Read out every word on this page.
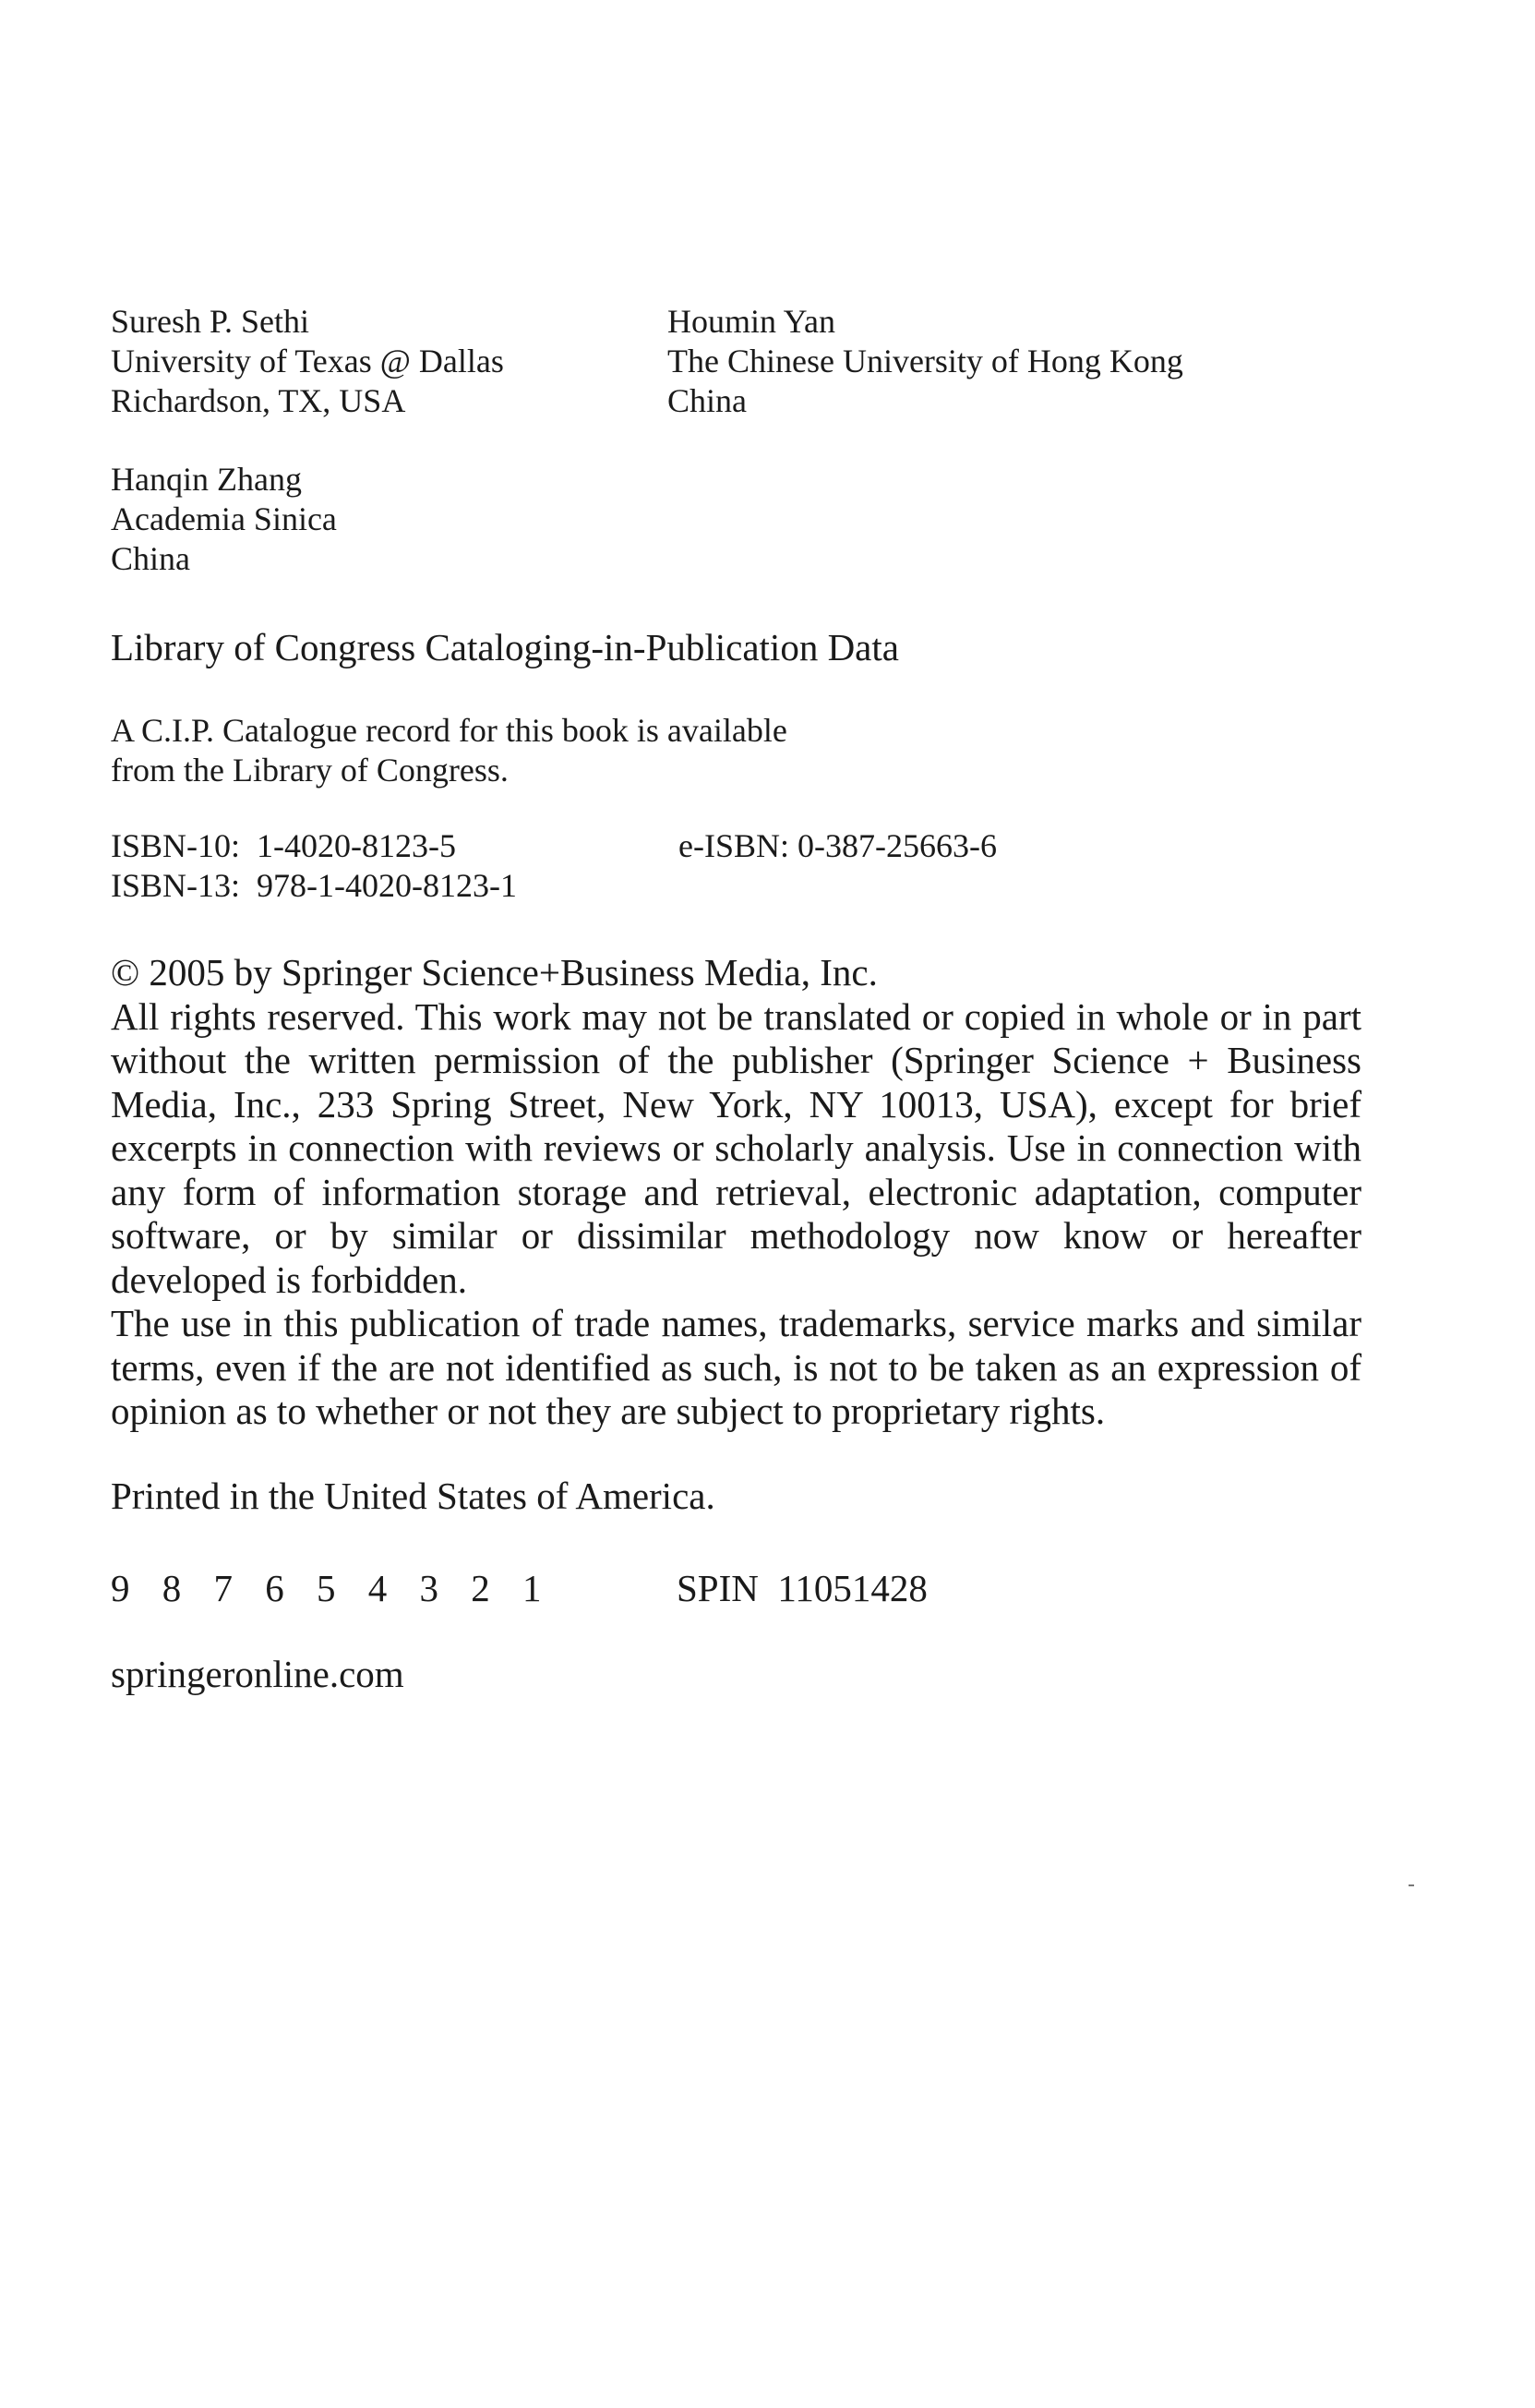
Suresh P. Sethi
University of Texas @ Dallas
Richardson, TX, USA
Houmin Yan
The Chinese University of Hong Kong
China
Hanqin Zhang
Academia Sinica
China
Library of Congress Cataloging-in-Publication Data
A C.I.P. Catalogue record for this book is available
from the Library of Congress.
ISBN-10:  1-4020-8123-5
ISBN-13:  978-1-4020-8123-1
e-ISBN: 0-387-25663-6

© 2005 by Springer Science+Business Media, Inc.

All rights reserved. This work may not be translated or copied in whole or in part without the written permission of the publisher (Springer Science + Business Media, Inc., 233 Spring Street, New York, NY 10013, USA), except for brief excerpts in connection with reviews or scholarly analysis. Use in connection with any form of information storage and retrieval, electronic adaptation, computer software, or by similar or dissimilar methodology now know or hereafter developed is forbidden.

The use in this publication of trade names, trademarks, service marks and similar terms, even if the are not identified as such, is not to be taken as an expression of opinion as to whether or not they are subject to proprietary rights.

Printed in the United States of America.
9 8 7 6 5 4 3 2 1	SPIN  11051428
springeronline.com
